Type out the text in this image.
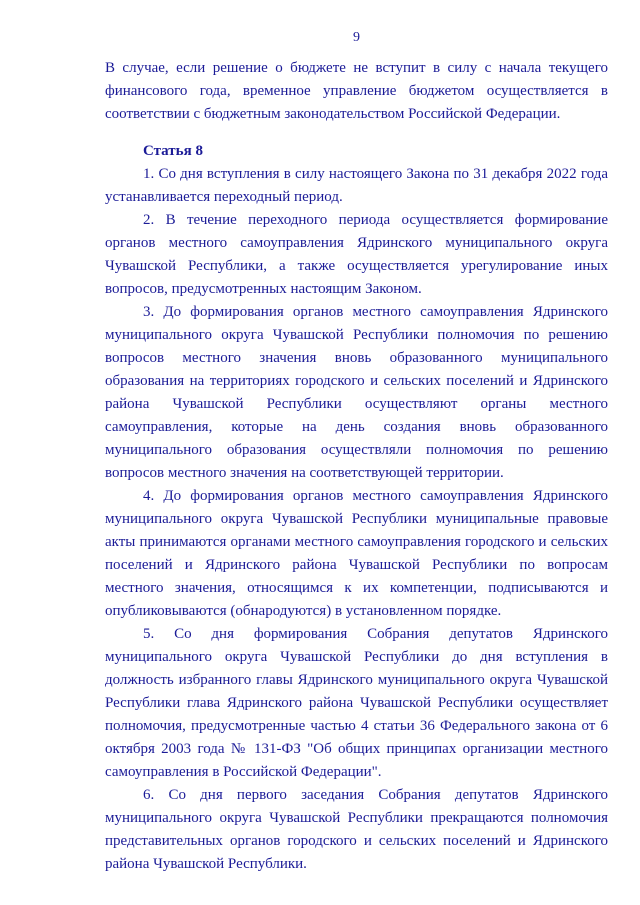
9

В случае, если решение о бюджете не вступит в силу с начала текущего финансового года, временное управление бюджетом осуществляется в соответствии с бюджетным законодательством Российской Федерации.

Статья 8

1. Со дня вступления в силу настоящего Закона по 31 декабря 2022 года устанавливается переходный период.

2. В течение переходного периода осуществляется формирование органов местного самоуправления Ядринского муниципального округа Чувашской Республики, а также осуществляется урегулирование иных вопросов, предусмотренных настоящим Законом.

3. До формирования органов местного самоуправления Ядринского муниципального округа Чувашской Республики полномочия по решению вопросов местного значения вновь образованного муниципального образования на территориях городского и сельских поселений и Ядринского района Чувашской Республики осуществляют органы местного самоуправления, которые на день создания вновь образованного муниципального образования осуществляли полномочия по решению вопросов местного значения на соответствующей территории.

4. До формирования органов местного самоуправления Ядринского муниципального округа Чувашской Республики муниципальные правовые акты принимаются органами местного самоуправления городского и сельских поселений и Ядринского района Чувашской Республики по вопросам местного значения, относящимся к их компетенции, подписываются и опубликовываются (обнародуются) в установленном порядке.

5. Со дня формирования Собрания депутатов Ядринского муниципального округа Чувашской Республики до дня вступления в должность избранного главы Ядринского муниципального округа Чувашской Республики глава Ядринского района Чувашской Республики осуществляет полномочия, предусмотренные частью 4 статьи 36 Федерального закона от 6 октября 2003 года № 131-ФЗ "Об общих принципах организации местного самоуправления в Российской Федерации".

6. Со дня первого заседания Собрания депутатов Ядринского муниципального округа Чувашской Республики прекращаются полномочия представительных органов городского и сельских поселений и Ядринского района Чувашской Республики.
